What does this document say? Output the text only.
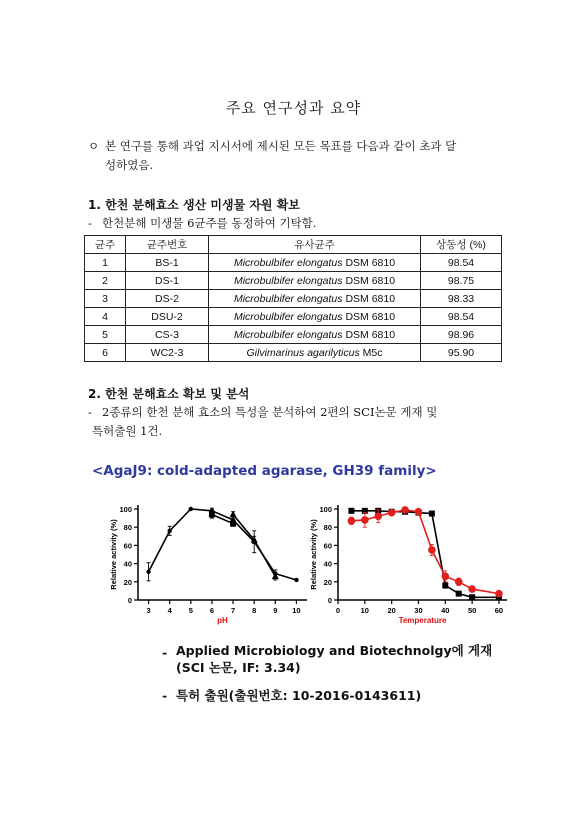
주요 연구성과 요약
ㅇ 본 연구를 통해 과업 지시서에 제시된 모든 목표를 다음과 같이 초과 달
성하였음.
1. 한천 분해효소 생산 미생물 자원 확보
- 한천분해 미생물 6균주를 동정하여 기탁함.
균주	균주번호	유사균주	상동성 (%)
1	BS-1	Microbulbifer elongatus DSM 6810	98.54
2	DS-1	Microbulbifer elongatus DSM 6810	98.75
3	DS-2	Microbulbifer elongatus DSM 6810	98.33
4	DSU-2	Microbulbifer elongatus DSM 6810	98.54
5	CS-3	Microbulbifer elongatus DSM 6810	98.96
6	WC2-3	Gilvimarinus agarilyticus M5c	95.90
2. 한천 분해효소 확보 및 분석
- 2종류의 한천 분해 효소의 특성을 분석하여 2편의 SCI논문 게재 및
특허출원 1건.
<AgaJ9: cold-adapted agarase, GH39 family>
0
20
40
60
80
100
3 4 5 6 7 8 9 10
pH
Relative activity (%)
0
20
40
60
80
100
0	10 20 30 40 50 60
Temperature
Relative activity (%)
- Applied Microbiology and Biotechnolgy에 게재
(SCI 논문, IF: 3.34)
- 특허 출원(출원번호: 10-2016-0143611)
